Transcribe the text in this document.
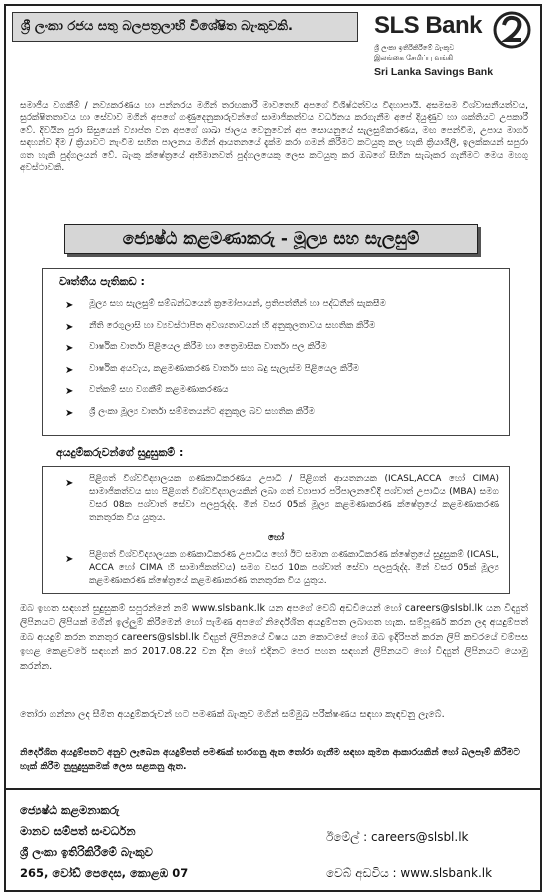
ශ්‍රී ලංකා රජය සතු බලපත්‍රලාභි විශේෂිත බැංකුවකි.	SLS Bank
ශ්‍රී ලංකා ඉතිරිකිරීමේ බැංකුව
இலங்கை சேமிப்பு வங்கி
Sri Lanka Savings Bank
සමාජීය වගකීම් / නව්‍යකරණය හා පන්නරය මගින් තරඟකාරී මාවතෙහි අපගේ විශිෂ්ඨත්වය විදහාපායි. අසමසම විශ්වාසනීයත්වය, සුරක්ෂිතතාවය හා සේවාව මගින් අපගේ ගණුදෙනුකාරුවන්ගේ සාමාජිකත්වය වර්ධනය කරගැනීම අපේ දියුණුව හා ශක්තියට උපකාරී වේ. දිවයින පුරා සිසුයෙන් ව්‍යාප්ත වන අපගේ ශාඛා ජාලය වෙනුවෙන් අප සොයනුයේ සැලසුම්කරණය, මඟ පෙන්වීම, උපාය මාර්ග සඳහන්ව දීම / ක්‍රියාවට නැංවීම සහිත පාලනය මගින් ආයතනයේ දැක්ම කරා ගමන් කිරීමට කටයුතු කල හැකි ක්‍රියාශීලී, ඉලක්කයන් සපුරා ගත හැකි පුද්ගලයන් වේ. බැංකු ක්ෂේත්‍රයේ අභිමානවත් පුද්ගලයෙකු ලෙස කටයුතු කර ඔබගේ සිහින සැබෑකර ගැනීමට මෙය මහගු අවස්ථාවකි.
ජ්‍යෙෂ්ඨ කළමණාකරු - මූල්‍ය සහ සැලසුම්
වෘත්තීය පැතිකඩ :
➤ මූල්‍ය සහ සැලසුම් සම්බන්ධයෙන් ක්‍රමෝපායන්, ප්‍රතිපත්තීන් හා පද්ධතීන් සැකසීම
➤ නීති රෙගුලාසි හා ව්‍යවස්ථාපිත අවශ්‍යතාවයන් හි අනුකූලතාවය සහතික කිරීම
➤ වාර්ෂික වාර්තා පිළියෙල කිරීම හා ත්‍රෛමාසික වාර්තා පල කිරීම
➤ වාර්ෂික අයවැය, කළමණාකරණ වාර්තා සහ බදු සැලැස්ම පිළියෙල කිරීම
➤ වත්කම් සහ වගකීම් කළමණාකරණය
➤ ශ්‍රී ලංකා මූල්‍ය වාර්තා සම්මතයන්ට අනුකූල බව සහතික කිරීම
අයදුම්කරුවන්ගේ සුදුසුකම් :
➤ පිළිගත් විශ්වවිද්‍යාලයක ගණකාධිකරණය උපාධි / පිළිගත් ආයතනයක (ICASL,ACCA හෝ CIMA) සාමාජිකත්වය සහ පිළිගත් විශ්වවිද්‍යාලයකින් ලබා ගත් ව්‍යාපාර පරිපාලනවේදී පශ්චාත් උපාධිය (MBA) සමග වසර 08ක පශ්චාත් සේවා පලපුරුද්ද. මින් වසර 05ක් මූල්‍ය කළමණාකරණ ක්ෂේත්‍රයේ කළමණාකරණ තනතුරක විය යුතුය.
හෝ
➤ පිළිගත් විශ්වවිද්‍යාලයක ගණකාධිකරණ උපාධිය හෝ ඊට සමාන ගණකාධිකරණ ක්ෂේත්‍රයේ සුදුසුකම් (ICASL, ACCA හෝ CIMA හි සාමාජිකත්වය) සමග වසර 10ක පශ්චාත් සේවා පලපුරුද්ද. මින් වසර 05ක් මූල්‍ය කළමණාකරණ ක්ෂේත්‍රයේ කළමණාකරණ තනතුරක විය යුතුය.
ඔබ ඉහත සඳහන් සුදුසුකම් සපුරන්නේ නම් www.slsbank.lk යන අපගේ වෙබ් අඩවියෙන් හෝ careers@slsbl.lk යන විද්‍යුත් ලිපිනයට ලිපියක් මගින් ඉල්ලුම් කිරීමෙන් හෝ පැමිණ අපගේ නිර්දේශිත අයදුම්පත ලබාගත හැක. සම්පූර්ණ කරන ලද අයදුම්පත් ඔබ අයදුම් කරන තනතුර careers@slsbl.lk විද්‍යුත් ලිපිනයේ විෂය යන කොටසේ හෝ ඔබ ඉදිරිපත් කරන ලිපි කවරයේ වම්පස ඉහළ කෙළවරේ සඳහන් කර 2017.08.22 වන දින හෝ එදිනට පෙර පහත සඳහන් ලිපිනයට හෝ විද්‍යුත් ලිපිනයට යොමු කරන්න.
තෝරා ගන්නා ලද සීමිත අයදුම්කරුවන් හට පමණක් බැංකුව මගින් සම්මුඛ පරීක්ෂණය සඳහා කැඳවනු ලැබේ.
නිර්දේශිත අයදුම්පතට අනුව ලැබෙන අයදුම්පත් පමණක් භාරගනු ඇත තෝරා ගැනීම සඳහා කුමන ආකාරයකින් හෝ බලපෑම් කිරීමට හැක් කිරීම නුසුදුසුකමක් ලෙස සළකනු ඇත.
ජ්‍යෙෂ්ඨ කළමනාකරු
මානව සම්පත් සංවර්ධන
ශ්‍රී ලංකා ඉතිරිකිරීමේ බැංකුව
265, වෝඩ් පෙදෙස, කොළඹ 07
ඊමේල් : careers@slsbl.lk
වෙබ් අඩවිය : www.slsbank.lk
